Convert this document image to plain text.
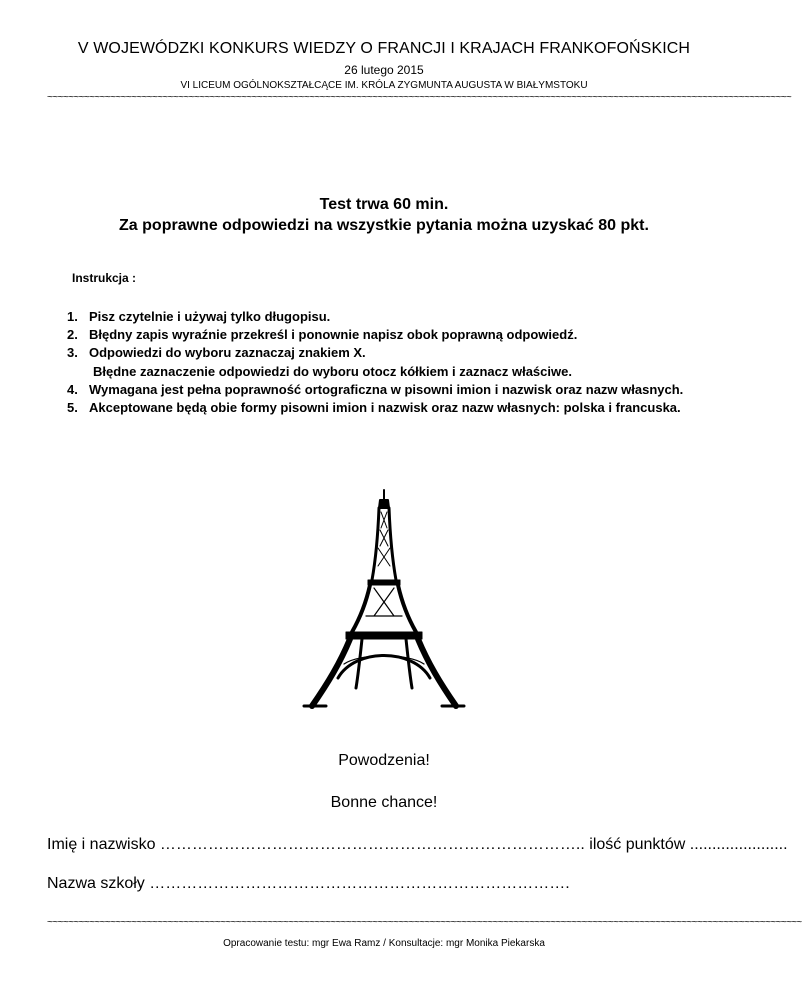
V WOJEWÓDZKI KONKURS WIEDZY O FRANCJI I KRAJACH FRANKOFOŃSKICH
26 lutego 2015
VI LICEUM OGÓLNOKSZTAŁCĄCE IM. KRÓLA ZYGMUNTA AUGUSTA W BIAŁYMSTOKU
~~~~~~~~~~~~~~~~~~~~~~~~~~~~~~~~~~~~~~~~~~~~~~~~~~~~~~~~~~~~~~~~~~~~~~~~~~~~~~~~~~~~~~~~~~~~~~~~~~~~~~~~~~~~~~~~~~~~~~~~~~~~~~~~~~~~~~~~~~~~~~
Test trwa 60 min.
Za poprawne odpowiedzi na wszystkie pytania można uzyskać 80 pkt.
Instrukcja :
1. Pisz czytelnie i używaj tylko długopisu.
2. Błędny zapis wyraźnie przekreśl i ponownie napisz obok poprawną odpowiedź.
3. Odpowiedzi do wyboru zaznaczaj znakiem X.
Błędne zaznaczenie odpowiedzi do wyboru otocz kółkiem i zaznacz właściwe.
4. Wymagana jest pełna poprawność ortograficzna w pisowni imion i nazwisk oraz nazw własnych.
5. Akceptowane będą obie formy pisowni imion i nazwisk oraz nazw własnych: polska i francuska.
Powodzenia!
Bonne chance!
Imię i nazwisko …………………………………………………………………….. ilość punktów ......................
Nazwa szkoły …………………………………………………………………….
~~~~~~~~~~~~~~~~~~~~~~~~~~~~~~~~~~~~~~~~~~~~~~~~~~~~~~~~~~~~~~~~~~~~~~~~~~~~~~~~~~~~~~~~~~~~~~~~~~~~~~~~~~~~~~~~~~~~~~~~~~~~~~~~~~~~~~~~~~~~~~~~
Opracowanie testu: mgr Ewa Ramz / Konsultacje: mgr Monika Piekarska
